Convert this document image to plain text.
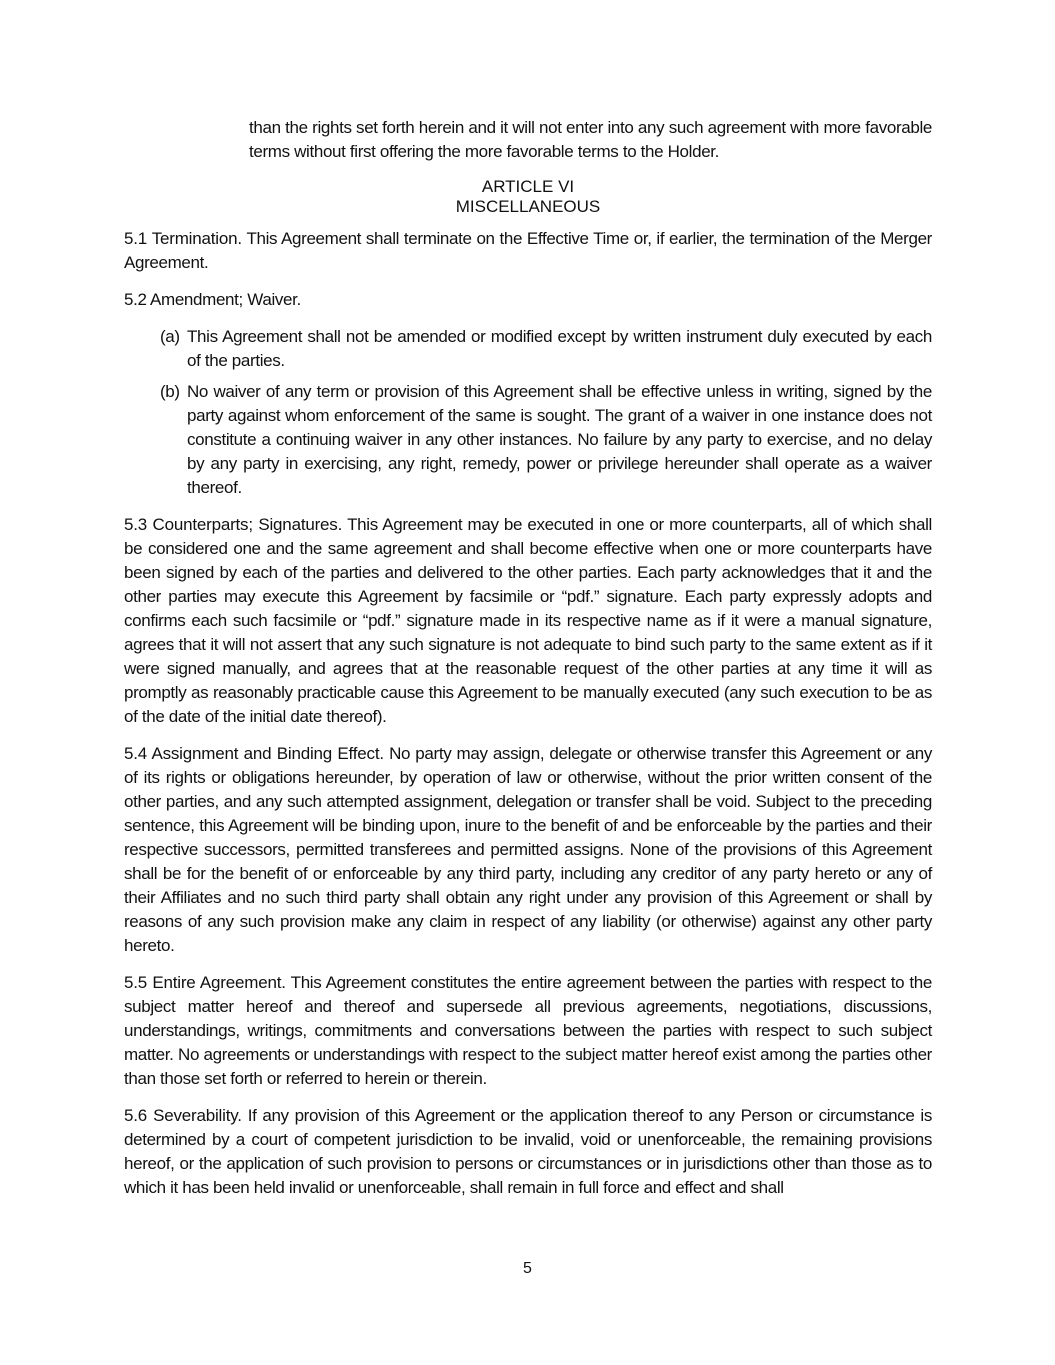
than the rights set forth herein and it will not enter into any such agreement with more favorable terms without first offering the more favorable terms to the Holder.

ARTICLE VI
MISCELLANEOUS

5.1 Termination. This Agreement shall terminate on the Effective Time or, if earlier, the termination of the Merger Agreement.

5.2 Amendment; Waiver.

(a) This Agreement shall not be amended or modified except by written instrument duly executed by each of the parties.
(b) No waiver of any term or provision of this Agreement shall be effective unless in writing, signed by the party against whom enforcement of the same is sought. The grant of a waiver in one instance does not constitute a continuing waiver in any other instances. No failure by any party to exercise, and no delay by any party in exercising, any right, remedy, power or privilege hereunder shall operate as a waiver thereof.

5.3 Counterparts; Signatures. This Agreement may be executed in one or more counterparts, all of which shall be considered one and the same agreement and shall become effective when one or more counterparts have been signed by each of the parties and delivered to the other parties. Each party acknowledges that it and the other parties may execute this Agreement by facsimile or “pdf.” signature. Each party expressly adopts and confirms each such facsimile or “pdf.” signature made in its respective name as if it were a manual signature, agrees that it will not assert that any such signature is not adequate to bind such party to the same extent as if it were signed manually, and agrees that at the reasonable request of the other parties at any time it will as promptly as reasonably practicable cause this Agreement to be manually executed (any such execution to be as of the date of the initial date thereof).

5.4 Assignment and Binding Effect. No party may assign, delegate or otherwise transfer this Agreement or any of its rights or obligations hereunder, by operation of law or otherwise, without the prior written consent of the other parties, and any such attempted assignment, delegation or transfer shall be void. Subject to the preceding sentence, this Agreement will be binding upon, inure to the benefit of and be enforceable by the parties and their respective successors, permitted transferees and permitted assigns. None of the provisions of this Agreement shall be for the benefit of or enforceable by any third party, including any creditor of any party hereto or any of their Affiliates and no such third party shall obtain any right under any provision of this Agreement or shall by reasons of any such provision make any claim in respect of any liability (or otherwise) against any other party hereto.

5.5 Entire Agreement. This Agreement constitutes the entire agreement between the parties with respect to the subject matter hereof and thereof and supersede all previous agreements, negotiations, discussions, understandings, writings, commitments and conversations between the parties with respect to such subject matter. No agreements or understandings with respect to the subject matter hereof exist among the parties other than those set forth or referred to herein or therein.

5.6 Severability. If any provision of this Agreement or the application thereof to any Person or circumstance is determined by a court of competent jurisdiction to be invalid, void or unenforceable, the remaining provisions hereof, or the application of such provision to persons or circumstances or in jurisdictions other than those as to which it has been held invalid or unenforceable, shall remain in full force and effect and shall

5
